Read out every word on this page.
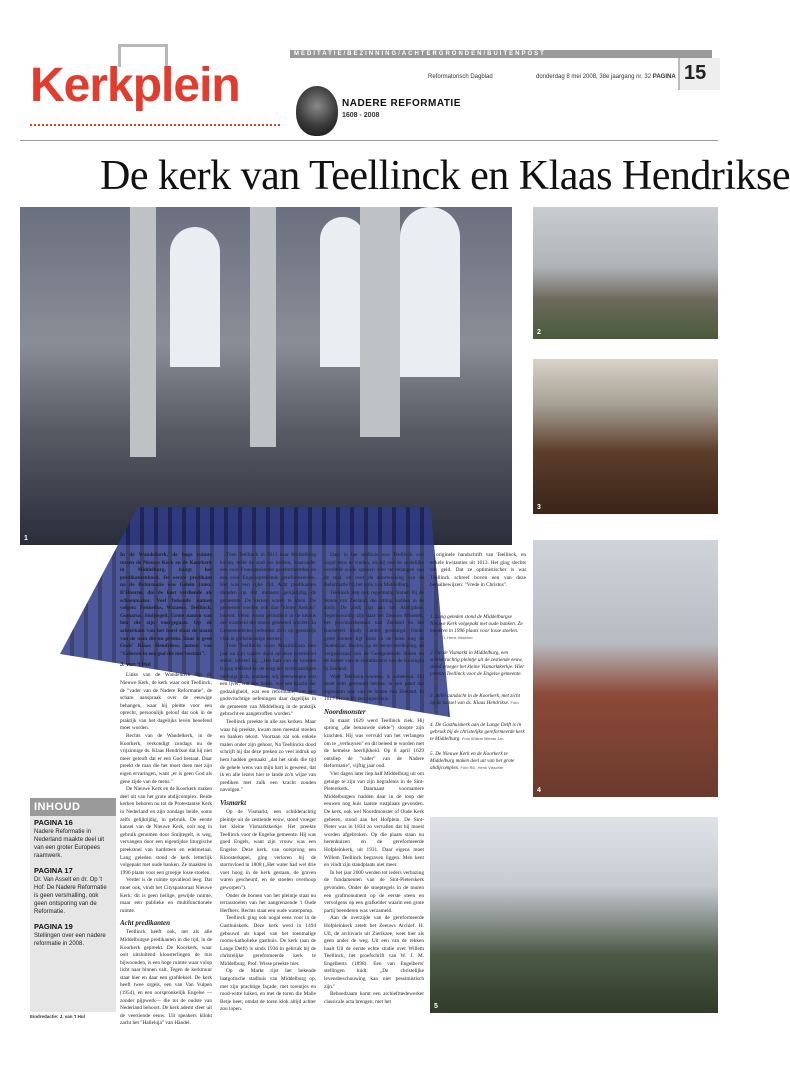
MEDITATIE/BEZINNING/ACHTERGRONDEN/BUITENPOST
Kerkplein	Reformatorisch Dagblad
NADERE REFORMATIE
1608 - 2008
donderdag 8 mei 2008, 38e jaargang nr. 32 PAGINA 15
De kerk van Teellinck en Klaas Hendrikse
1
2
3
4
5

In de Wandelkerk, de hoge ruimte tussen de Nieuwe Kerk en de Koorkerk in Middelburg, hangt het predikantenbord. De eerste predikant na de Reformatie was Gelein Jansz. D'Hoorne, die de kost verdiende als schoenmaker. Veel bekende namen volgen: Fenkelius, Walaeus, Teellinck, Gomarus, Smijtegelt. Grote namen van hen die zijn voorgegaan. Op de achterkant van het bord staat de naam van de man die nu preekt. Daar is geen Gods' Klaas Hendrikse, auteur van "Geloven in een god die niet bestaat".

J. van 't Hul

Links van de Wandelkerk ligt de Nieuwe Kerk, de kerk waar ooit Teellinck, de "vader van de Nadere Reformatie", de schare aanspraak over de eeuwige behangen, waar hij pleitte voor een oprecht, persoonlijk geloof dat ook in de praktijk van het dagelijks leven beoefend moet worden.

Rechts van de Wandelkerk, in de Koorkerk, verkondigt zondags nu de vrijzinnige ds. Klaas Hendrikse dat hij niet meer gelooft dat er een God bestaat. Daar preekt de man die het moet doen met zijn eigen ervaringen, want „er is geen God als gene zijde van de mens."

De Nieuwe Kerk en de Koorkerk maken deel uit van het grote abdijcomplex. Beide kerken behoren nu tot de Protestantse Kerk in Nederland en zijn zondags beide, soms zelfs gelijktijdig, in gebruik. De eerste kansel van de Nieuwe Kerk, ooit nog in gebruik genomen door Smijtegelt, is weg, vervangen door een eigentijdse liturgische preekstoel van hardsteen en edelmetaal. Lang geleden stond de kerk letterlijk volgepakt met oude banken. Ze maakten in 1996 plaats voor een groepje losse stoelen.

Verder is de ruimte opvallend leeg. Dat moet ook, vindt het Cityspastoraat Nieuwe Kerk: dit is geen heilige, gewijde ruimte, maar een publieke en multifunctionele ruimte.

Acht predikanten

Teellinck heeft ook, net als alle Middelburgse predikanten in die tijd, in de Koorkerk gepreekt. De Koorkerk, waar ooit uitsluitend kloosterlingen de mis bijwoonden, is een hoge ruimte waar volop licht naar binnen valt. Tegen de kerkmuur staat hier en daar een grafdeksel. De kerk heeft twee orgels, een van Van Vulpen (1954), en een oorspronkelijk Engelse —zonder pijpwerk— die tot de oudste van Nederland behoort. De kerk ademt sfeer uit de veertiende eeuw. Uit speakers klinkt zacht het "Halleluja" van Händel.

Toen Teellinck in 1613 naar Middelburg kwam, telde de stad zes kerken, waaronder een voor Franssprekende gereformeerden en een voor Engelssprekende gereformeerden. Het was een rijke tijd. Acht predikanten dienden op dat moment gelijktijdig de gemeente. De kerken waren te klein. De gemeente werden ook dan "kleine Kerken" bouwd. Velen waren gehinderd in de kennis der waarheid die moest gebouwd worden. In Gemeenteleden oefenden zich op geestelijk vlak in godsdienstige kernen.

Toen Teellincks noon Maximiliaan tien jaar na zijn vaders dood op deze preekstoel stond, schreef hij: „Het hart van de vromen is nog treffend en de toog der zichtvaardigen verbuigt zich, wanneer wij overweegen wat een ijver, wat een liefde, wat een kracht der godzaligheid, wat een reformatie, wat een godsvruchtige oefeningen daar dagelijks in de gemeente van Middelburg in de praktijk gebracht en aangetroffen worden."

Teellinck preekte in alle zes kerken. Maar waar hij preekte, kwam men meestal stoelen en banken tekort. Voortaan zat ook enkele malen onder zijn gehoor, Na Teellincks dood schrijft hij dat deze preken zo veel indruk op hem hadden gemaakt „dat het sinds die tijd de gehele wens van mijn hart is geweest, dat ik en alle lezers hier te lande zo'n wijze van prediken met zulk een kracht zouden navolgen."

Vismarkt

Op de Vismarkt, een schilderachtig pleintje uit de zestiende eeuw, stond vroeger het kleine Vismarktkerkje. Het preekte Teellinck voor de Engelse gemeente. Hij was goed Engels, want zijn vrouw was een Engelse. Deze kerk, van oorsprong een Kloosterkapel, ging verloren bij de stormvloed in 1808 („Het water had wel drie voet hoog in de kerk gestaan, de graven waren gescheurd, en de stoelen overhoop geworpen").

Onder de bomen van het pleintje staat nu terrasstoelen van het aangrenzende 't Oude Herfhers. Rechts staat een oude waterpomp.

Teellinck ging ook nogal eens voor in de Gasthuiskerk. Deze kerk werd in 1494 gebouwd als kapel van het toenmalige rooms-katholieke gasthuis. De kerk (aan de Lange Delft) is sinds 1936 in gebruik bij de christelijke gereformeerde kerk te Middelburg. Prof. Wisse preekte hier.

Op de Markt rijst het bekende laatgotische stadhuis van Middelburg op, met zijn prachtige façade, met torentjes en rood-witte luiken, en met de toren die Malle Betje heet, omdat de toren klok altijd achter zou lopen.

Daar in het stadhuis was Teellinck ook nogal eens te vinden, als hij met de stedelijke overheid wilde spreken over de belangen van de stad, en over de doorwerking van de Reformatie bij het volk van Middelburg.

Teellinck liep ook regelmatig binnen bij de Staten van Zeeland, die zitting hadden in de abdij. De abdij ligt aan het Abdijplein. Tegenwoordig zijn daar het Zeeuws Museum, het provinciebestuur van Zeeland en het Roosevelt Study Center gevestigd. Onder grote bomen ligt links in de hoek nog de Statenzaal. Rechts, op de eerste verdieping, de vergaderzaal van de Gedeputeerde Staten en de kamer van de commissaris van de Koningin in Zeeland.

Waar Teellinck woonde, is onbekend. Hij moet echt gewoond hebben in een pand dat eigendom was van de Staten van Zeeland. In 1617 betrok hij een eigen huis.

Noordmonster

In maart 1629 werd Teellinck ziek. Hij sprong „die benauwde siekte") sloopte zijn krachten. Hij was vervuld van het verlangen om te „verhuysen" en dit beleed te worden met de hemelse heerlijkheid. Op 8 april 1629 ontsliep de "vader" van de Nadere Reformatie", vijftig jaar oud.

Vier dagen later liep half Middelburg uit om getuige te zijn van zijn begrafenis in de Sint-Pieterskerk. Daarnaast voornamere Middelburgers hadden daar in de loop der eeuwen nog huis laatste rustplaats gevonden. De kerk, ook wel Noordmonster of Oude Kerk geheten, stond aan het Hofplein. De Sint-Pieter was in 1834 zo vervallen dat hij moest worden afgebroken. Op die plaats staan nu herenhuizen en de gereformeerde Hofpleinkerk, uit 1931. Daar eigens moet Willem Teellinck begraven liggen. Men kent en vindt zijn standplaats niet meer.

In het jaar 2000 werden tot ieders verbazing de fundamenten van de Sint-Pieterskerk gevonden. Onder de stoeptegels in de muren een grafmonument op de eerste steen en vervolgens op een grafkelder waarin een grote partij beenderen was verzameld.

Aan de overzijde van de gereformeerde Hofpleinkerk zetelt het Zeeuws Archief. H. Uil, de archivaris uit Zierikzee, weet hier als geen ander de weg. Uit een van de rekken haalt Uil de eerste echte studie over Willem Teellinck, het proefschrift van W. J. M. Engelberts (1898). Een van Engelberts' stellingen luidt: „De christelijke levensbeschouwing kan niet pessimistisch zijn."

Behoedzaam komt een archiefmedewerker classicale acta brengen, met het

originele handschrift van Teellinck, en enkele kwitanties uit 1613. Het ging slechts om geld. Dat ze optimistischer is wat Teellinck schreef boven een van deze betaalbewijzen: "Vrede in Christus".

1. Lang geleden stond de Middelburgse Nieuwe Kerk volgepakt met oude banken. Ze maakten in 1996 plaats voor losse stoelen. Foto RD, Henk Visscher

2. Op de Vismarkt in Middelburg, een schilderachtig pleintje uit de zestiende eeuw, stond vroeger het kleine Vismarktkerkje. Hier preekte Teellinck voor de Engelse gemeente. Foto RD

3. Stille aandacht in de Koorkerk, met zicht op de kansel van ds. Klaas Hendrikse. Foto ANP

4. De Gasthuiskerk aan de Lange Delft is in gebruik bij de christelijke gereformeerde kerk te Middelburg. Foto Willem Mieras Jzn

5. De Nieuwe Kerk en de Koorkerk te Middelburg maken deel uit van het grote abdijcomplex. Foto RD, Henk Visscher

INHOUD
PAGINA 16
Nadere Reformatie in Nederland maakte deel uit van een groter Europees raamwerk.
PAGINA 17
Dr. Van Asselt en dr. Op 't Hof: De Nadere Reformatie is geen versmalling, ook geen ontsporing van de Reformatie.
PAGINA 19
Stellingen over een nadere reformatie in 2008.
Eindredactie: J. van 't Hul
